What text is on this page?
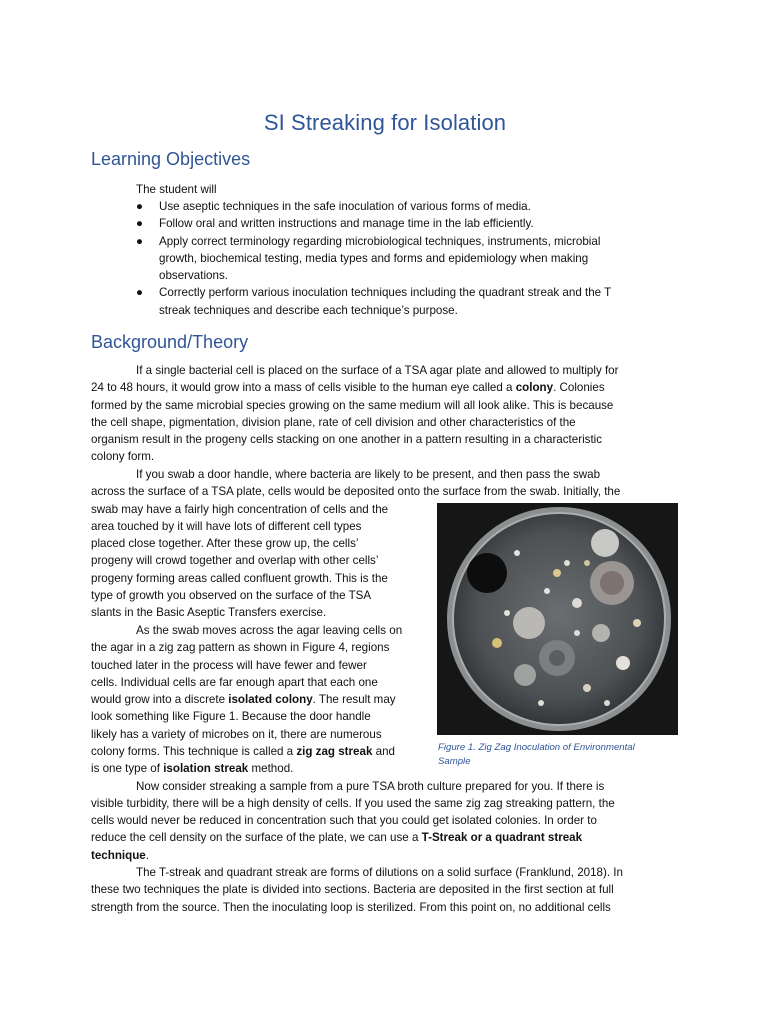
SI Streaking for Isolation
Learning Objectives
The student will
●	Use aseptic techniques in the safe inoculation of various forms of media.
●	Follow oral and written instructions and manage time in the lab efficiently.
●	Apply correct terminology regarding microbiological techniques, instruments, microbial
growth, biochemical testing, media types and forms and epidemiology when making
observations.
●	Correctly perform various inoculation techniques including the quadrant streak and the T
streak techniques and describe each technique’s purpose.
Background/Theory
If a single bacterial cell is placed on the surface of a TSA agar plate and allowed to multiply for
24 to 48 hours, it would grow into a mass of cells visible to the human eye called a colony. Colonies
formed by the same microbial species growing on the same medium will all look alike. This is because
the cell shape, pigmentation, division plane, rate of cell division and other characteristics of the
organism result in the progeny cells stacking on one another in a pattern resulting in a characteristic
colony form.
If you swab a door handle, where bacteria are likely to be present, and then pass the swab
across the surface of a TSA plate, cells would be deposited onto the surface from the swab. Initially, the
swab may have a fairly high concentration of cells and the
area touched by it will have lots of different cell types
placed close together. After these grow up, the cells’
progeny will crowd together and overlap with other cells’
progeny forming areas called confluent growth. This is the
type of growth you observed on the surface of the TSA
slants in the Basic Aseptic Transfers exercise.
As the swab moves across the agar leaving cells on
the agar in a zig zag pattern as shown in Figure 4, regions
touched later in the process will have fewer and fewer
cells. Individual cells are far enough apart that each one
would grow into a discrete isolated colony. The result may
look something like Figure 1. Because the door handle
likely has a variety of microbes on it, there are numerous
colony forms. This technique is called a zig zag streak and
is one type of isolation streak method.
Figure 1. Zig Zag Inoculation of Environmental
Sample
Now consider streaking a sample from a pure TSA broth culture prepared for you. If there is
visible turbidity, there will be a high density of cells. If you used the same zig zag streaking pattern, the
cells would never be reduced in concentration such that you could get isolated colonies. In order to
reduce the cell density on the surface of the plate, we can use a T-Streak or a quadrant streak
technique.
The T-streak and quadrant streak are forms of dilutions on a solid surface (Franklund, 2018). In
these two techniques the plate is divided into sections. Bacteria are deposited in the first section at full
strength from the source. Then the inoculating loop is sterilized. From this point on, no additional cells
